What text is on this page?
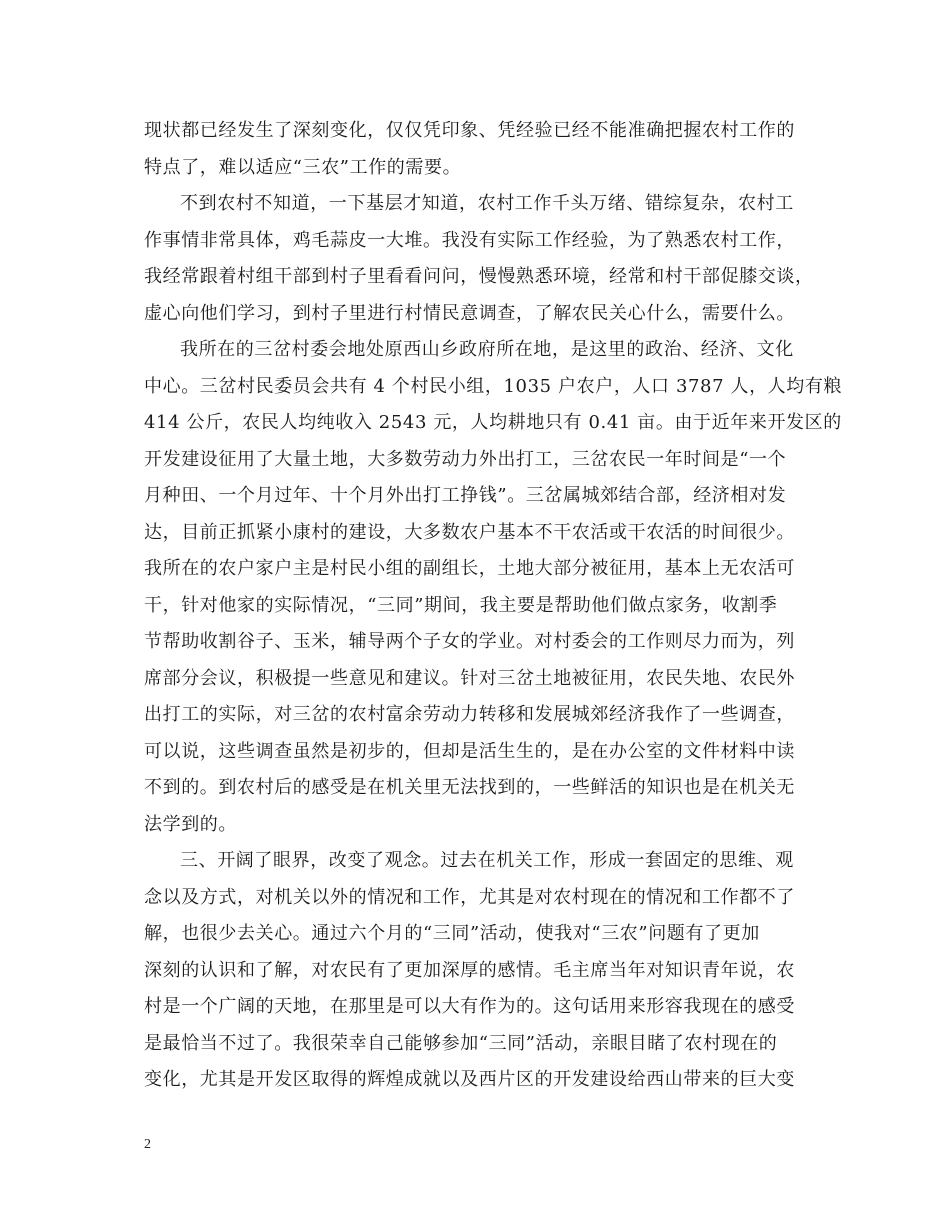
现状都已经发生了深刻变化，仅仅凭印象、凭经验已经不能准确把握农村工作的
特点了，难以适应“三农”工作的需要。
不到农村不知道，一下基层才知道，农村工作千头万绪、错综复杂，农村工
作事情非常具体，鸡毛蒜皮一大堆。我没有实际工作经验，为了熟悉农村工作，
我经常跟着村组干部到村子里看看问问，慢慢熟悉环境，经常和村干部促膝交谈，
虚心向他们学习，到村子里进行村情民意调查，了解农民关心什么，需要什么。
我所在的三岔村委会地处原西山乡政府所在地，是这里的政治、经济、文化
中心。三岔村民委员会共有 4 个村民小组，1035 户农户，人口 3787 人，人均有粮
414 公斤，农民人均纯收入 2543 元，人均耕地只有 0.41 亩。由于近年来开发区的
开发建设征用了大量土地，大多数劳动力外出打工，三岔农民一年时间是“一个
月种田、一个月过年、十个月外出打工挣钱”。三岔属城郊结合部，经济相对发
达，目前正抓紧小康村的建设，大多数农户基本不干农活或干农活的时间很少。
我所在的农户家户主是村民小组的副组长，土地大部分被征用，基本上无农活可
干，针对他家的实际情况，“三同”期间，我主要是帮助他们做点家务，收割季
节帮助收割谷子、玉米，辅导两个子女的学业。对村委会的工作则尽力而为，列
席部分会议，积极提一些意见和建议。针对三岔土地被征用，农民失地、农民外
出打工的实际，对三岔的农村富余劳动力转移和发展城郊经济我作了一些调查，
可以说，这些调查虽然是初步的，但却是活生生的，是在办公室的文件材料中读
不到的。到农村后的感受是在机关里无法找到的，一些鲜活的知识也是在机关无
法学到的。
三、开阔了眼界，改变了观念。过去在机关工作，形成一套固定的思维、观
念以及方式，对机关以外的情况和工作，尤其是对农村现在的情况和工作都不了
解，也很少去关心。通过六个月的“三同”活动，使我对“三农”问题有了更加
深刻的认识和了解，对农民有了更加深厚的感情。毛主席当年对知识青年说，农
村是一个广阔的天地，在那里是可以大有作为的。这句话用来形容我现在的感受
是最恰当不过了。我很荣幸自己能够参加“三同”活动，亲眼目睹了农村现在的
变化，尤其是开发区取得的辉煌成就以及西片区的开发建设给西山带来的巨大变
2
